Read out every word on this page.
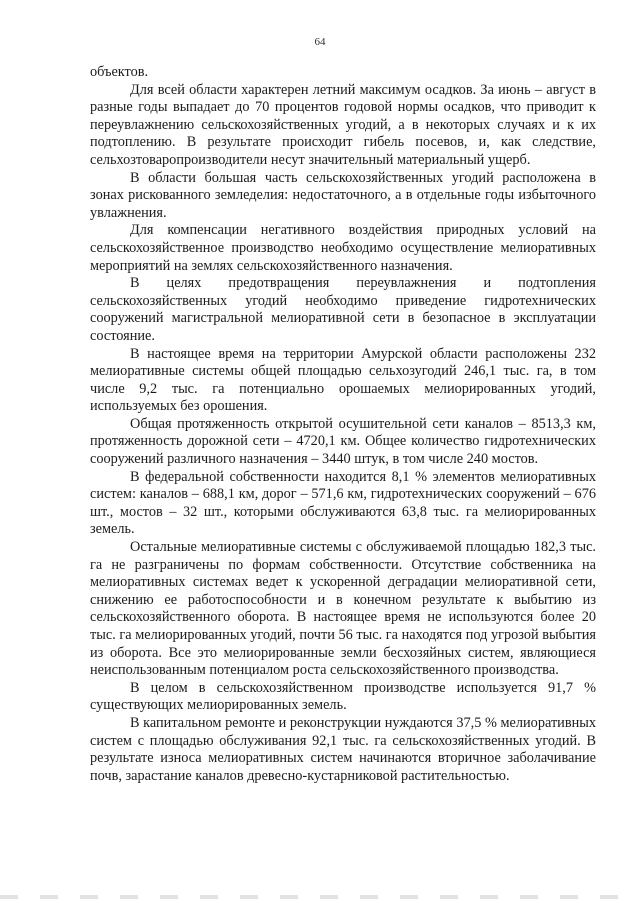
64

объектов.

Для всей области характерен летний максимум осадков. За июнь – август в разные годы выпадает до 70 процентов годовой нормы осадков, что приводит к переувлажнению сельскохозяйственных угодий, а в некоторых случаях и к их подтоплению. В результате происходит гибель посевов, и, как следствие, сельхозтоваропроизводители несут значительный материальный ущерб.

В области большая часть сельскохозяйственных угодий расположена в зонах рискованного земледелия: недостаточного, а в отдельные годы избыточного увлажнения.

Для компенсации негативного воздействия природных условий на сельскохозяйственное производство необходимо осуществление мелиоративных мероприятий на землях сельскохозяйственного назначения.

В целях предотвращения переувлажнения и подтопления сельскохозяйственных угодий необходимо приведение гидротехнических сооружений магистральной мелиоративной сети в безопасное в эксплуатации состояние.

В настоящее время на территории Амурской области расположены 232 мелиоративные системы общей площадью сельхозугодий 246,1 тыс. га, в том числе 9,2 тыс. га потенциально орошаемых мелиорированных угодий, используемых без орошения.

Общая протяженность открытой осушительной сети каналов – 8513,3 км, протяженность дорожной сети – 4720,1 км. Общее количество гидротехнических сооружений различного назначения – 3440 штук, в том числе 240 мостов.

В федеральной собственности находится 8,1 % элементов мелиоративных систем: каналов – 688,1 км, дорог – 571,6 км, гидротехнических сооружений – 676 шт., мостов – 32 шт., которыми обслуживаются 63,8 тыс. га мелиорированных земель.

Остальные мелиоративные системы с обслуживаемой площадью 182,3 тыс. га не разграничены по формам собственности. Отсутствие собственника на мелиоративных системах ведет к ускоренной деградации мелиоративной сети, снижению ее работоспособности и в конечном результате к выбытию из сельскохозяйственного оборота. В настоящее время не используются более 20 тыс. га мелиорированных угодий, почти 56 тыс. га находятся под угрозой выбытия из оборота. Все это мелиорированные земли бесхозяйных систем, являющиеся неиспользованным потенциалом роста сельскохозяйственного производства.

В целом в сельскохозяйственном производстве используется 91,7 % существующих мелиорированных земель.

В капитальном ремонте и реконструкции нуждаются 37,5 % мелиоративных систем с площадью обслуживания 92,1 тыс. га сельскохозяйственных угодий. В результате износа мелиоративных систем начинаются вторичное заболачивание почв, зарастание каналов древесно-кустарниковой растительностью.
